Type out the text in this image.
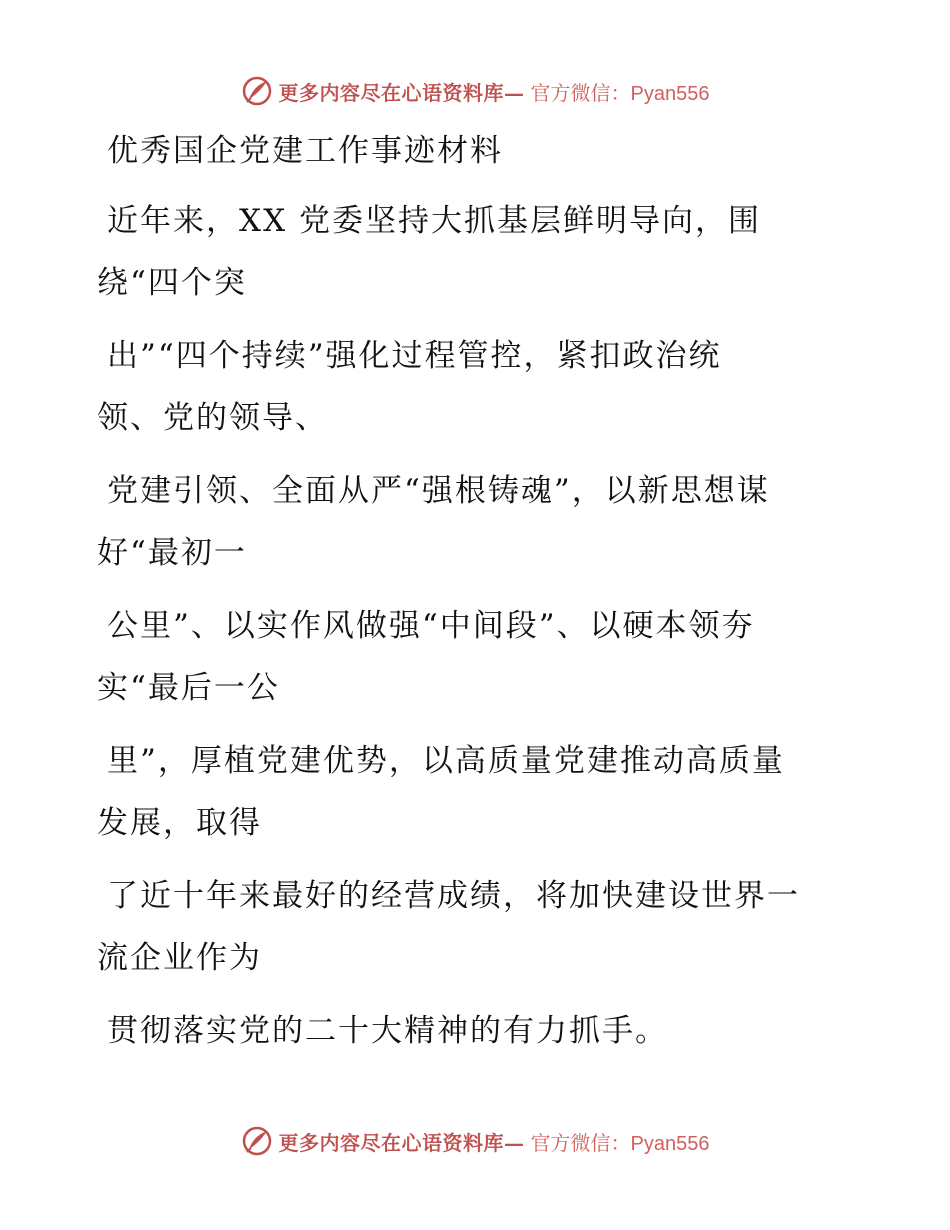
更多内容尽在心语资料库— 官方微信：Pyan556
优秀国企党建工作事迹材料
近年来，XX 党委坚持大抓基层鲜明导向，围
绕“四个突
出”“四个持续”强化过程管控，紧扣政治统
领、党的领导、
党建引领、全面从严“强根铸魂”，以新思想谋
好“最初一
公里”、以实作风做强“中间段”、以硬本领夯
实“最后一公
里”，厚植党建优势，以高质量党建推动高质量
发展，取得
了近十年来最好的经营成绩，将加快建设世界一
流企业作为
贯彻落实党的二十大精神的有力抓手。
更多内容尽在心语资料库— 官方微信：Pyan556
